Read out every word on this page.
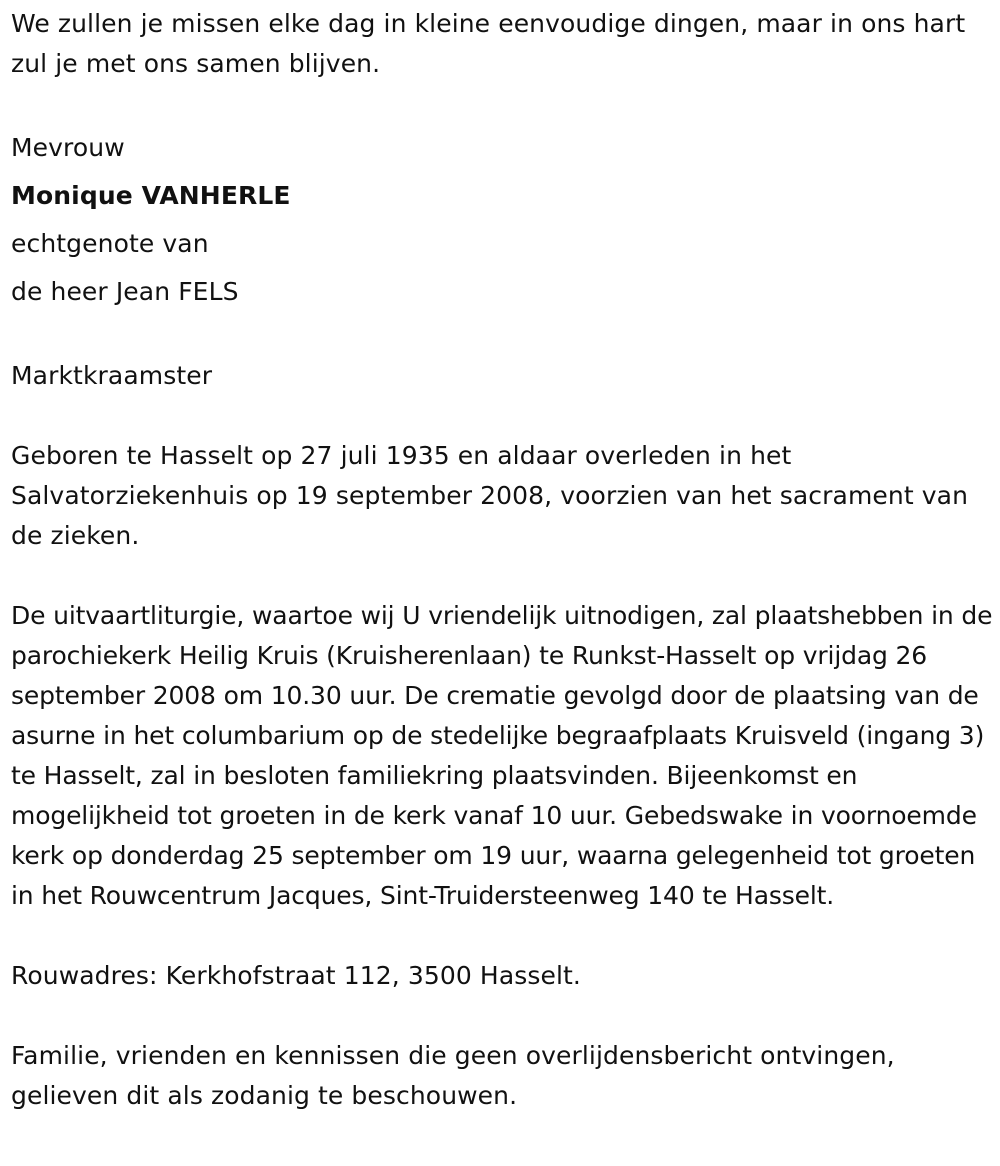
We zullen je missen elke dag in kleine eenvoudige dingen, maar in ons hart zul je met ons samen blijven.

Mevrouw

Monique VANHERLE

echtgenote van

de heer Jean FELS

Marktkraamster

Geboren te Hasselt op 27 juli 1935 en aldaar overleden in het Salvatorziekenhuis op 19 september 2008, voorzien van het sacrament van de zieken.

De uitvaartliturgie, waartoe wij U vriendelijk uitnodigen, zal plaatshebben in de parochiekerk Heilig Kruis (Kruisherenlaan) te Runkst-Hasselt op vrijdag 26 september 2008 om 10.30 uur. De crematie gevolgd door de plaatsing van de asurne in het columbarium op de stedelijke begraafplaats Kruisveld (ingang 3) te Hasselt, zal in besloten familiekring plaatsvinden. Bijeenkomst en mogelijkheid tot groeten in de kerk vanaf 10 uur. Gebedswake in voornoemde kerk op donderdag 25 september om 19 uur, waarna gelegenheid tot groeten in het Rouwcentrum Jacques, Sint-Truidersteenweg 140 te Hasselt.

Rouwadres: Kerkhofstraat 112, 3500 Hasselt.

Familie, vrienden en kennissen die geen overlijdensbericht ontvingen, gelieven dit als zodanig te beschouwen.
